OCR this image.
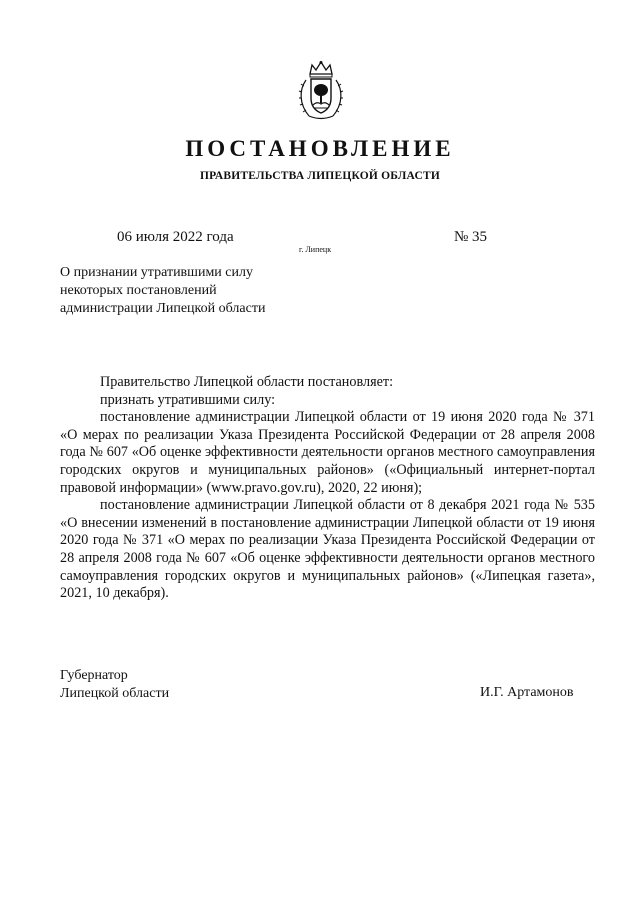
ПОСТАНОВЛЕНИЕ
ПРАВИТЕЛЬСТВА ЛИПЕЦКОЙ ОБЛАСТИ
06 июля 2022 года
г. Липецк
№ 35
О признании утратившими силу
некоторых постановлений
администрации Липецкой области

Правительство Липецкой области постановляет:

признать утратившими силу:

постановление администрации Липецкой области от 19 июня 2020 года № 371 «О мерах по реализации Указа Президента Российской Федерации от 28 апреля 2008 года № 607 «Об оценке эффективности деятельности органов местного самоуправления городских округов и муниципальных районов» («Официальный интернет-портал правовой информации» (www.pravo.gov.ru), 2020, 22 июня);

постановление администрации Липецкой области от 8 декабря 2021 года № 535 «О внесении изменений в постановление администрации Липецкой области от 19 июня 2020 года № 371 «О мерах по реализации Указа Президента Российской Федерации от 28 апреля 2008 года № 607 «Об оценке эффективности деятельности органов местного самоуправления городских округов и муниципальных районов» («Липецкая газета», 2021, 10 декабря).

Губернатор
Липецкой области	И.Г. Артамонов
